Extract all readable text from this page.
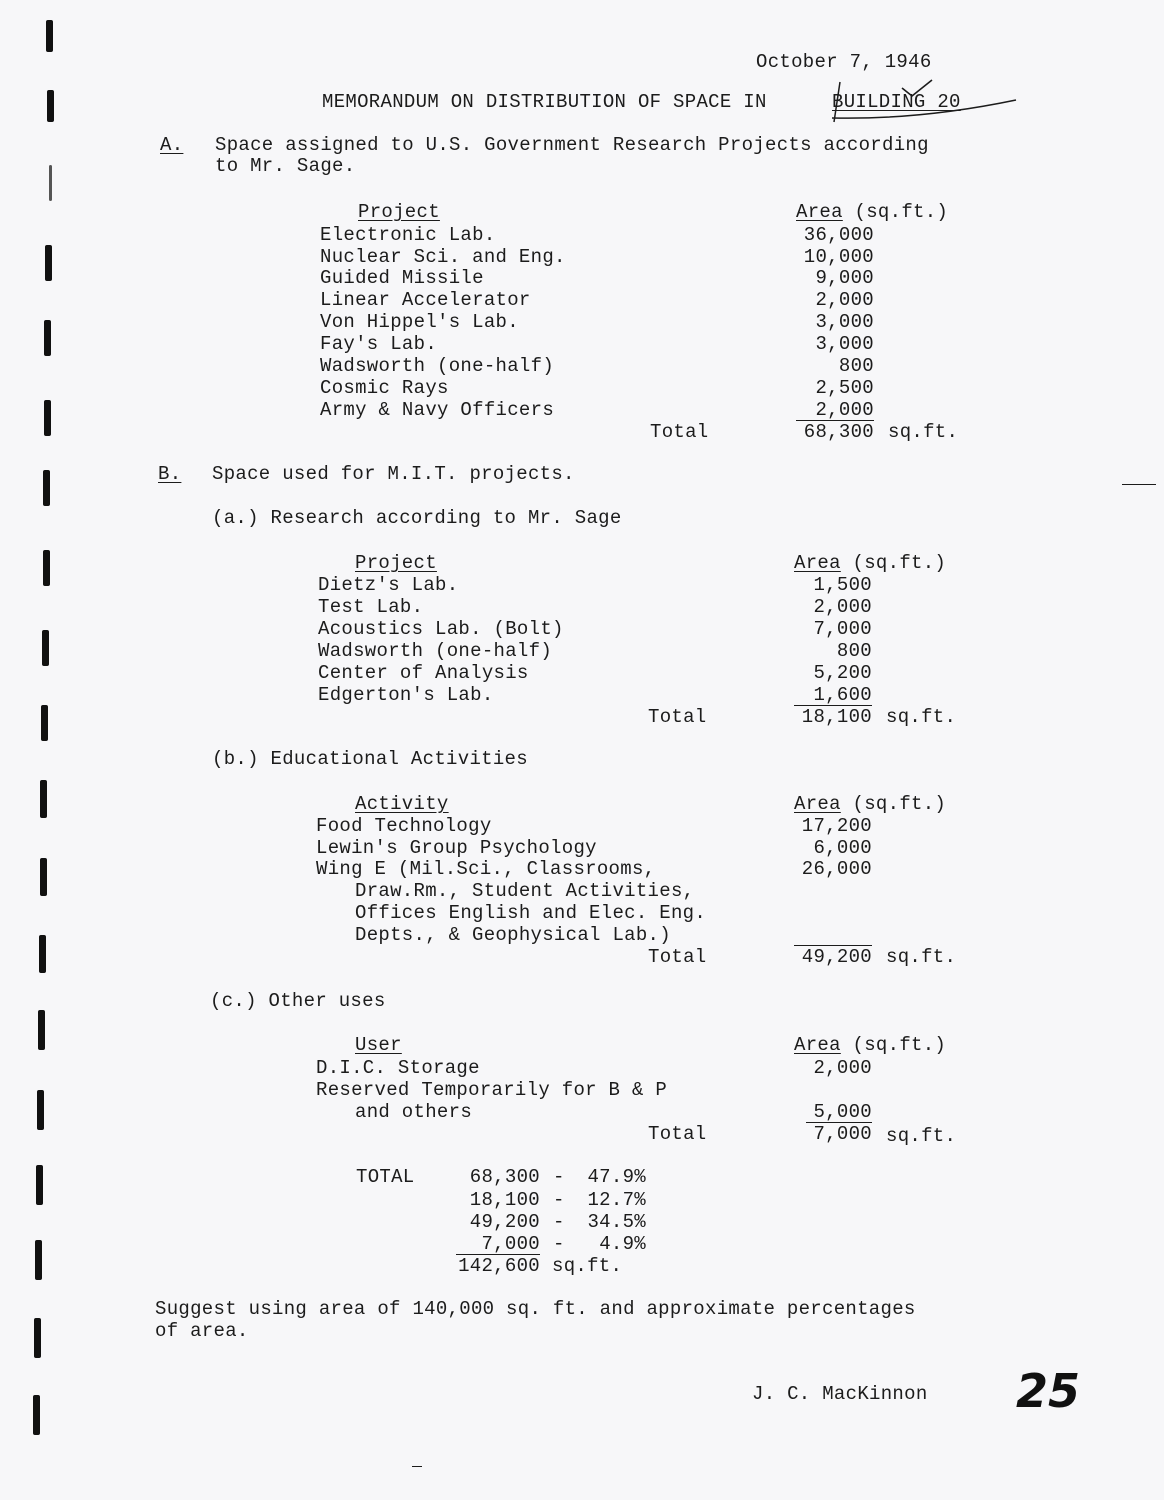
October 7, 1946
MEMORANDUM ON DISTRIBUTION OF SPACE IN	BUILDING 20
A. Space assigned to U.S. Government Research Projects according
to Mr. Sage.
Project	Area (sq.ft.)
Electronic Lab.	36,000
Nuclear Sci. and Eng.	10,000
Guided Missile	9,000
Linear Accelerator	2,000
Von Hippel's Lab.	3,000
Fay's Lab.	3,000
Wadsworth (one-half)	800
Cosmic Rays	2,500
Army & Navy Officers	2,000
Total	68,300 sq.ft.
B. Space used for M.I.T. projects.
(a.) Research according to Mr. Sage
Project	Area (sq.ft.)
Dietz's Lab.	1,500
Test Lab.	2,000
Acoustics Lab. (Bolt)	7,000
Wadsworth (one-half)	800
Center of Analysis	5,200
Edgerton's Lab.	1,600
Total	18,100 sq.ft.
(b.) Educational Activities
Activity	Area (sq.ft.)
Food Technology	17,200
Lewin's Group Psychology	6,000
Wing E (Mil.Sci., Classrooms,	26,000
Draw.Rm., Student Activities,
Offices English and Elec. Eng.
Depts., & Geophysical Lab.)
Total	49,200 sq.ft.
(c.) Other uses
User	Area (sq.ft.)
D.I.C. Storage	2,000
Reserved Temporarily for B & P
and others	5,000
Total	7,000 sq.ft.
TOTAL	68,300 - 47.9%
18,100 - 12.7%
49,200 - 34.5%
7,000 - 4.9%
142,600 sq.ft.
Suggest using area of 140,000 sq. ft. and approximate percentages
of area.
J. C. MacKinnon 25
